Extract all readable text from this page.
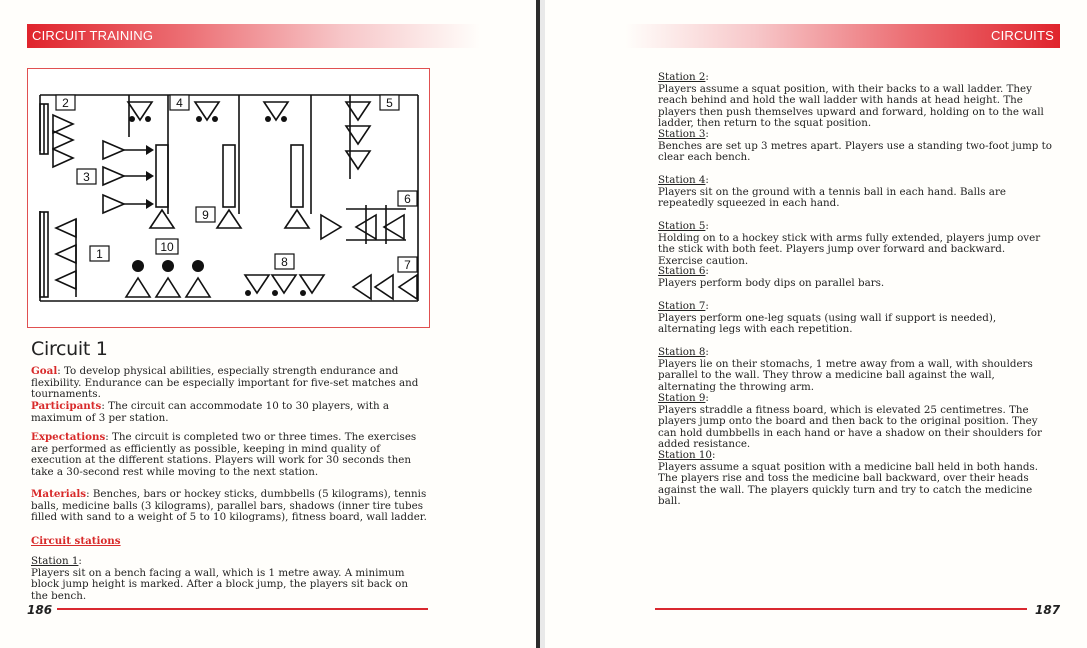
CIRCUIT TRAINING
2	4	5
3
9
10
6
1
8	7
Circuit 1

Goal: To develop physical abilities, especially strength endurance and flexibility. Endurance can be especially important for five-set matches and tournaments.

Participants: The circuit can accommodate 10 to 30 players, with a maximum of 3 per station.

Expectations: The circuit is completed two or three times. The exercises are performed as efficiently as possible, keeping in mind quality of execution at the different stations. Players will work for 30 seconds then take a 30-second rest while moving to the next station.

Materials: Benches, bars or hockey sticks, dumbbells (5 kilograms), tennis balls, medicine balls (3 kilograms), parallel bars, shadows (inner tire tubes filled with sand to a weight of 5 to 10 kilograms), fitness board, wall ladder.

Circuit stations

Station 1:

Players sit on a bench facing a wall, which is 1 metre away. A minimum block jump height is marked. After a block jump, the players sit back on the bench.

186
CIRCUITS

Station 2:

Players assume a squat position, with their backs to a wall ladder. They reach behind and hold the wall ladder with hands at head height. The players then push themselves upward and forward, holding on to the wall ladder, then return to the squat position.

Station 3:

Benches are set up 3 metres apart. Players use a standing two-foot jump to clear each bench.

Station 4:

Players sit on the ground with a tennis ball in each hand. Balls are repeatedly squeezed in each hand.

Station 5:

Holding on to a hockey stick with arms fully extended, players jump over the stick with both feet. Players jump over forward and backward. Exercise caution.

Station 6:

Players perform body dips on parallel bars.

Station 7:

Players perform one-leg squats (using wall if support is needed), alternating legs with each repetition.

Station 8:

Players lie on their stomachs, 1 metre away from a wall, with shoulders parallel to the wall. They throw a medicine ball against the wall, alternating the throwing arm.

Station 9:

Players straddle a fitness board, which is elevated 25 centimetres. The players jump onto the board and then back to the original position. They can hold dumbbells in each hand or have a shadow on their shoulders for added resistance.

Station 10:

Players assume a squat position with a medicine ball held in both hands. The players rise and toss the medicine ball backward, over their heads against the wall. The players quickly turn and try to catch the medicine ball.

187
